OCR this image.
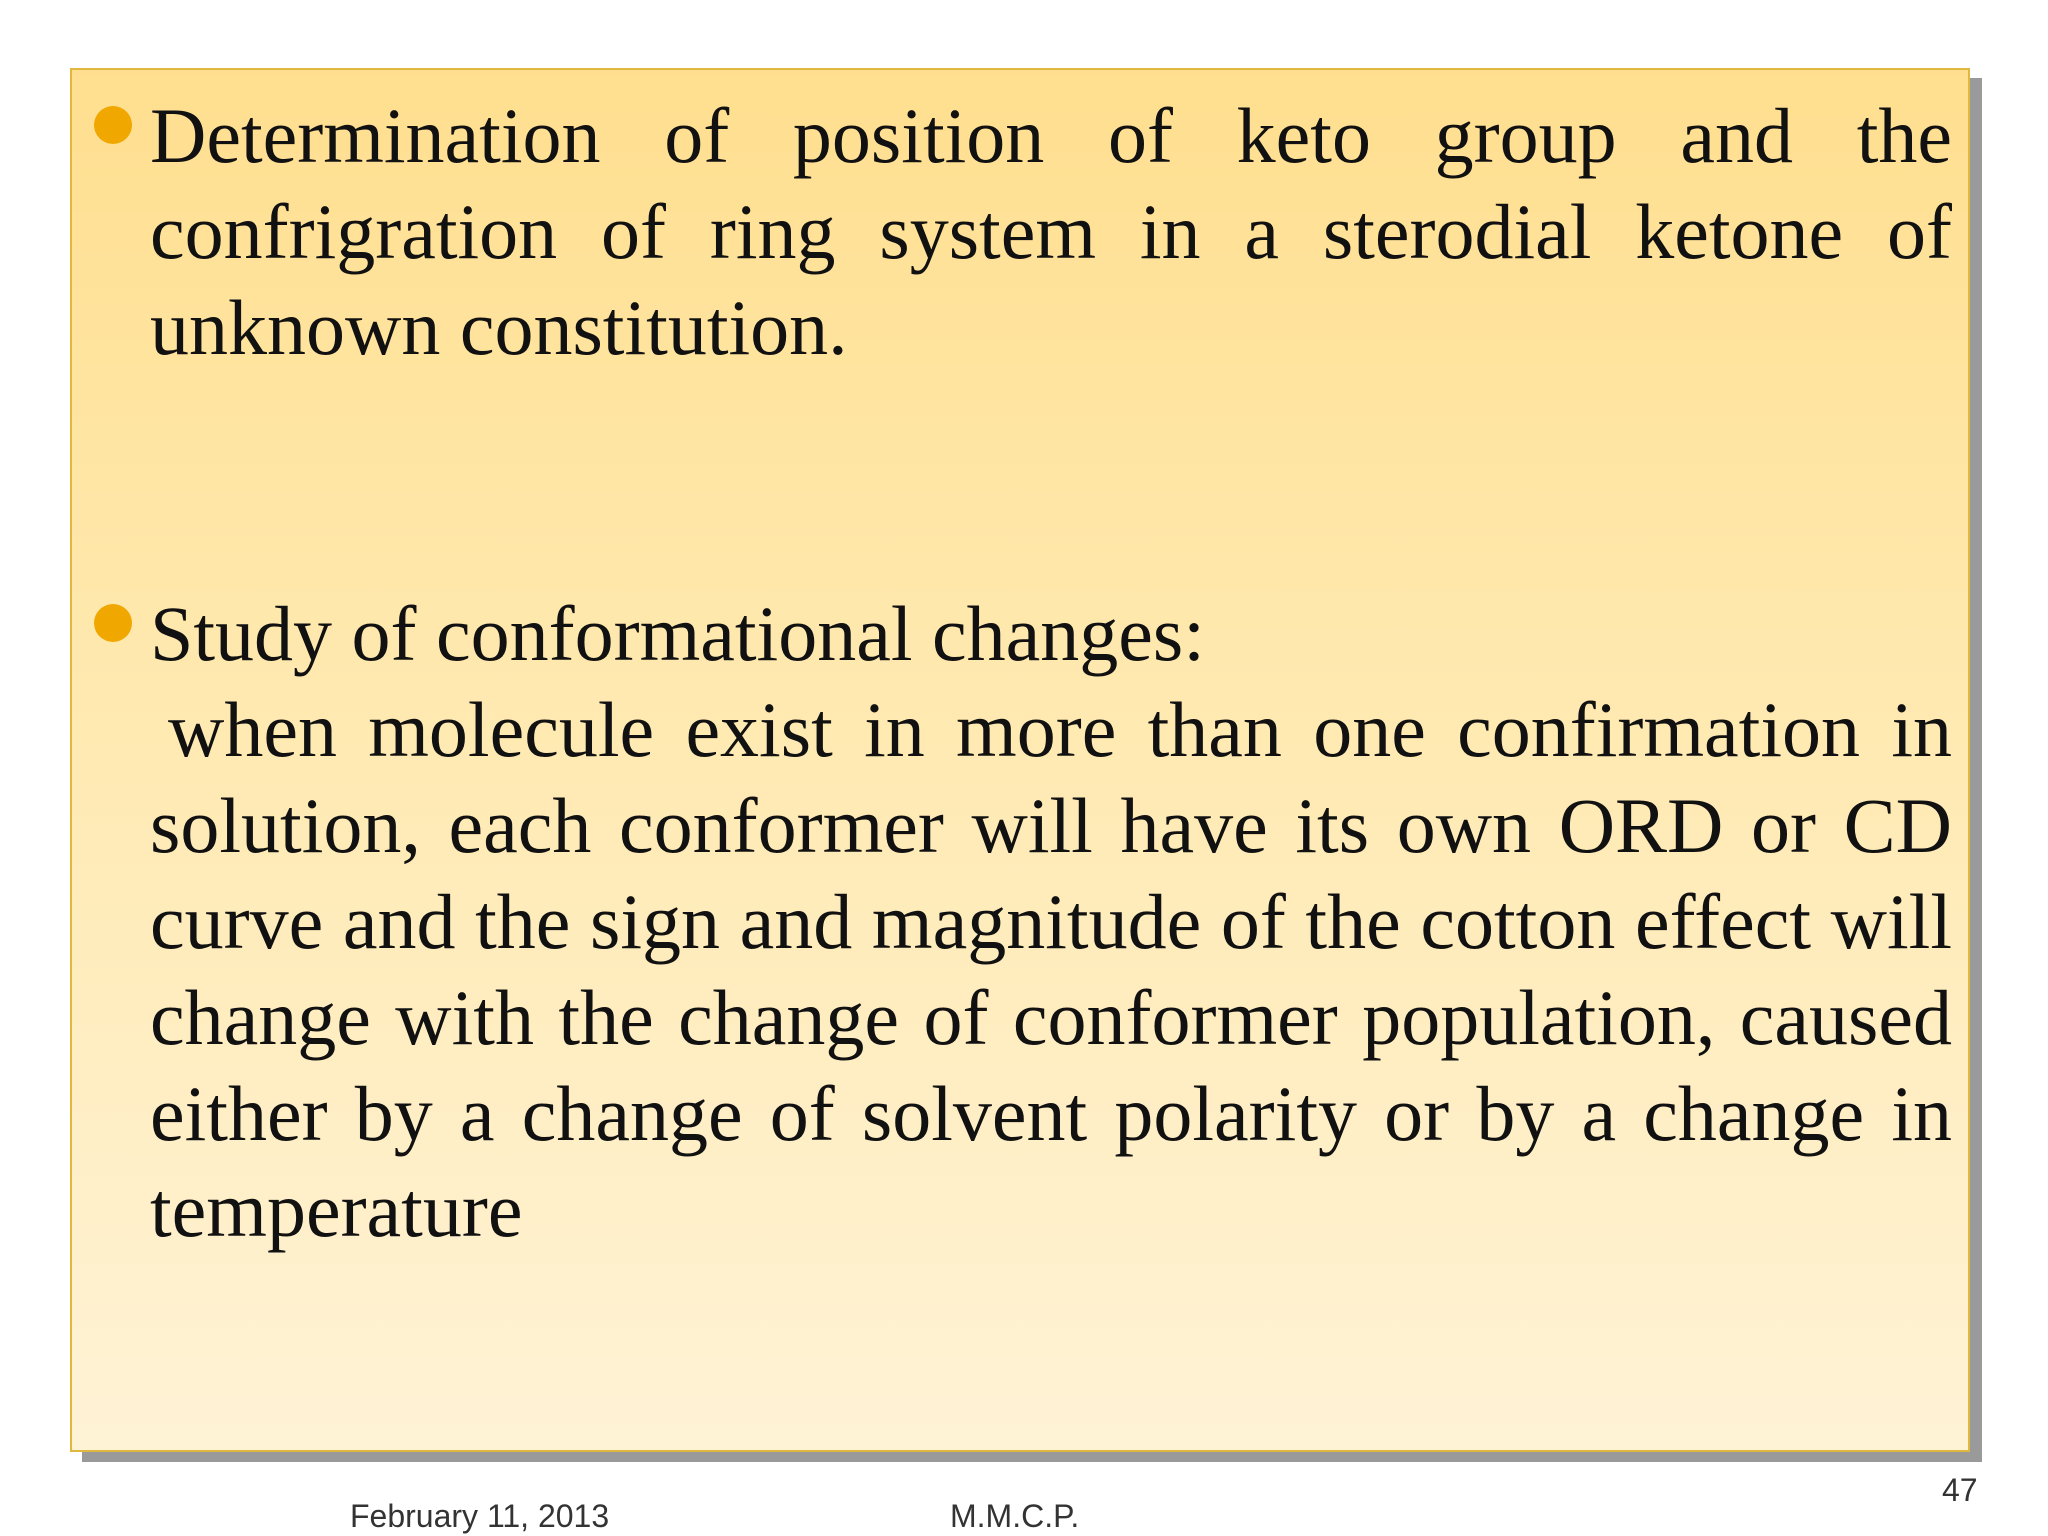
Determination of position of keto group and the confrigration of ring system in a sterodial ketone of unknown constitution.

Study of conformational changes:

when molecule exist in more than one confirmation in solution, each conformer will have its own ORD or CD curve and the sign and magnitude of the cotton effect will change with the change of conformer population, caused either by a change of solvent polarity or by a change in temperature

February 11, 2013	M.M.C.P.
47
